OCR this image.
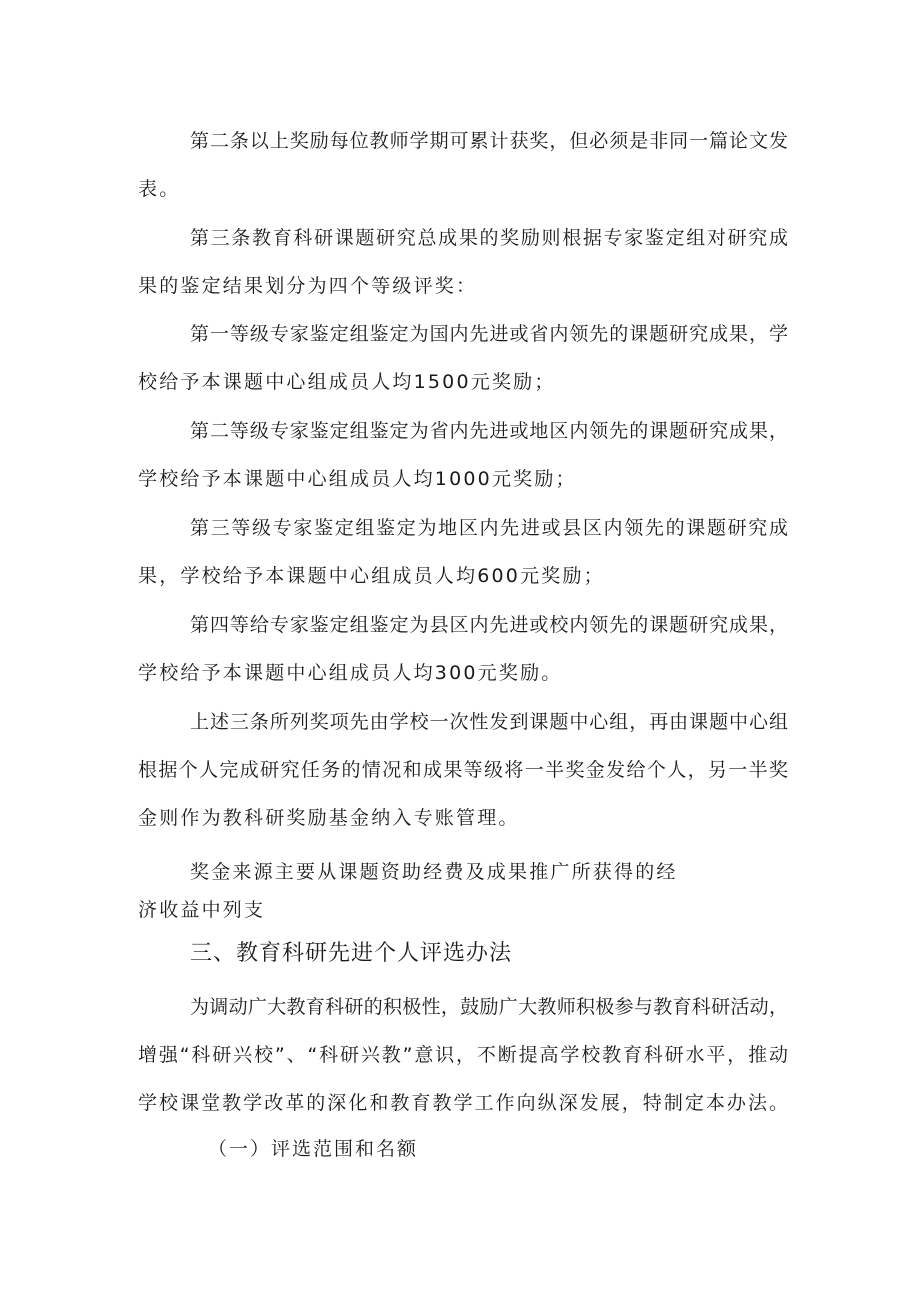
第二条以上奖励每位教师学期可累计获奖，但必须是非同一篇论文发
表。
第三条教育科研课题研究总成果的奖励则根据专家鉴定组对研究成
果的鉴定结果划分为四个等级评奖：
第一等级专家鉴定组鉴定为国内先进或省内领先的课题研究成果，学
校给予本课题中心组成员人均1500元奖励；
第二等级专家鉴定组鉴定为省内先进或地区内领先的课题研究成果，
学校给予本课题中心组成员人均1000元奖励；
第三等级专家鉴定组鉴定为地区内先进或县区内领先的课题研究成
果，学校给予本课题中心组成员人均600元奖励；
第四等给专家鉴定组鉴定为县区内先进或校内领先的课题研究成果，
学校给予本课题中心组成员人均300元奖励。
上述三条所列奖项先由学校一次性发到课题中心组，再由课题中心组
根据个人完成研究任务的情况和成果等级将一半奖金发给个人，另一半奖
金则作为教科研奖励基金纳入专账管理。
奖金来源主要从课题资助经费及成果推广所获得的经
济收益中列支
三、教育科研先进个人评选办法
为调动广大教育科研的积极性，鼓励广大教师积极参与教育科研活动，
增强“科研兴校”、“科研兴教”意识，不断提高学校教育科研水平，推动
学校课堂教学改革的深化和教育教学工作向纵深发展，特制定本办法。
（一）评选范围和名额
